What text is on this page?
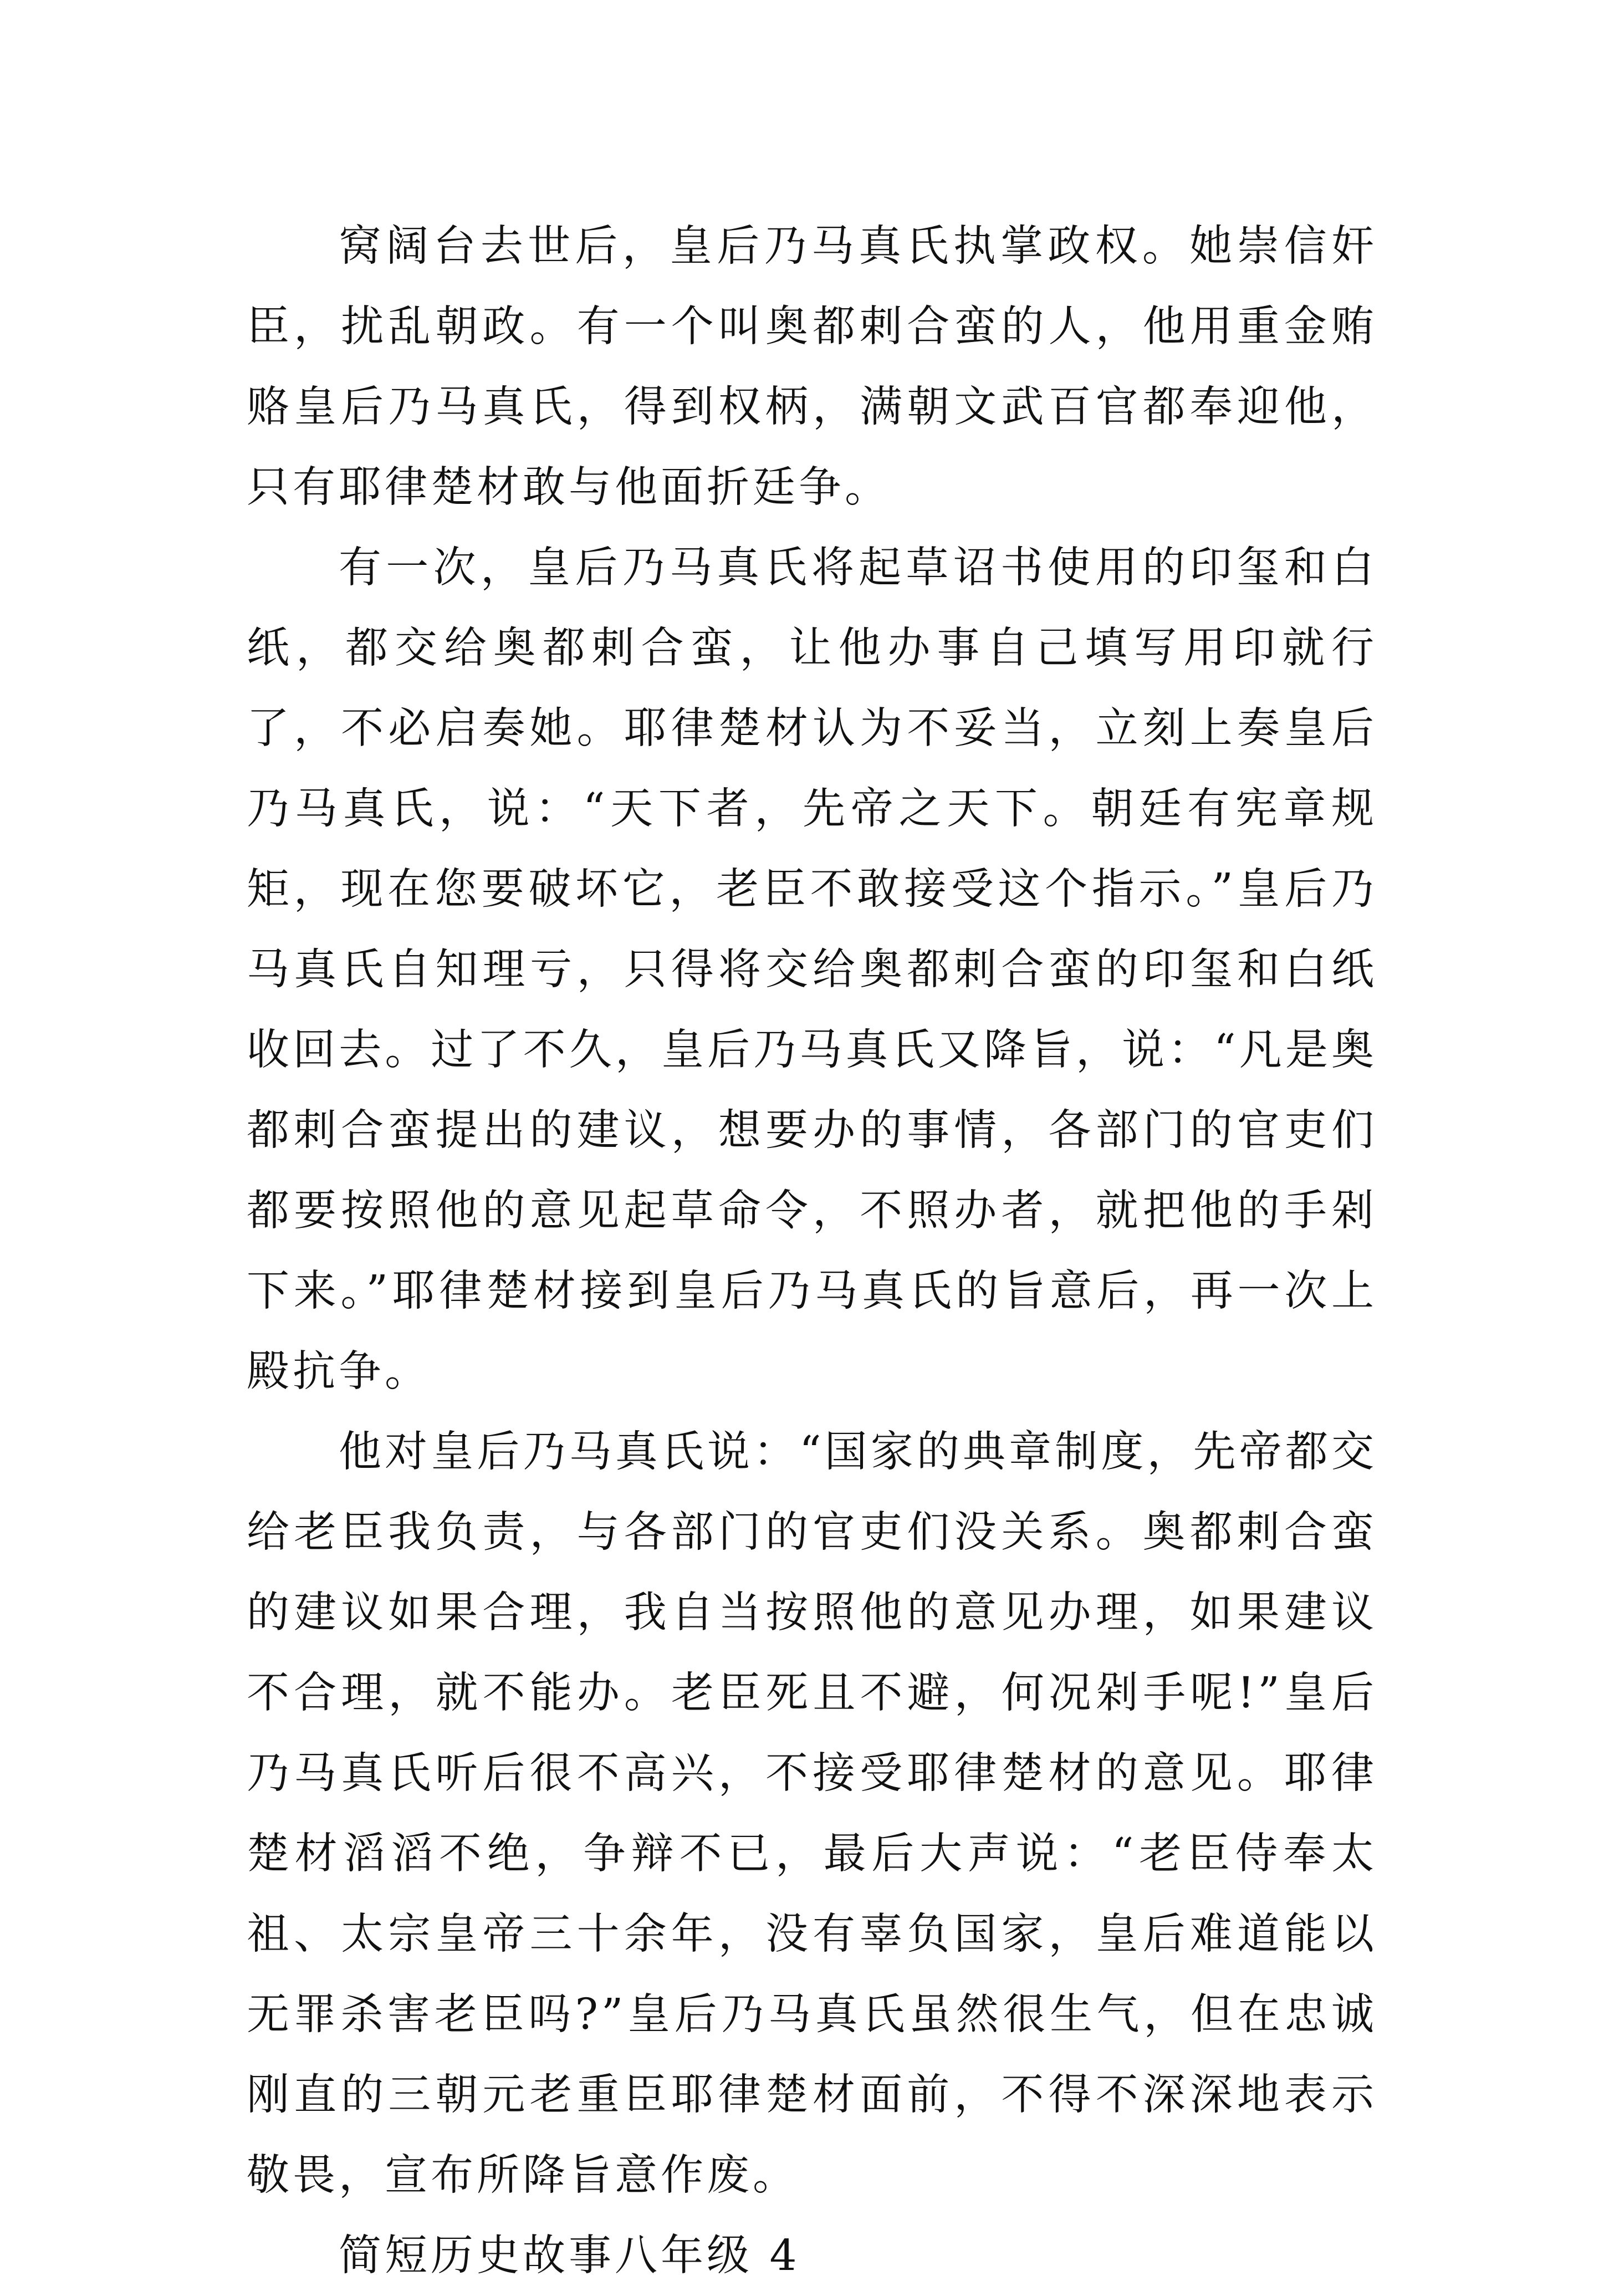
窝阔台去世后，皇后乃马真氏执掌政权。她崇信奸臣，扰乱朝政。有一个叫奥都剌合蛮的人，他用重金贿赂皇后乃马真氏，得到权柄，满朝文武百官都奉迎他，只有耶律楚材敢与他面折廷争。

有一次，皇后乃马真氏将起草诏书使用的印玺和白纸，都交给奥都剌合蛮，让他办事自己填写用印就行了，不必启奏她。耶律楚材认为不妥当，立刻上奏皇后乃马真氏，说：“天下者，先帝之天下。朝廷有宪章规矩，现在您要破坏它，老臣不敢接受这个指示。”皇后乃马真氏自知理亏，只得将交给奥都剌合蛮的印玺和白纸收回去。过了不久，皇后乃马真氏又降旨，说：“凡是奥都剌合蛮提出的建议，想要办的事情，各部门的官吏们都要按照他的意见起草命令，不照办者，就把他的手剁下来。”耶律楚材接到皇后乃马真氏的旨意后，再一次上殿抗争。

他对皇后乃马真氏说：“国家的典章制度，先帝都交给老臣我负责，与各部门的官吏们没关系。奥都剌合蛮的建议如果合理，我自当按照他的意见办理，如果建议不合理，就不能办。老臣死且不避，何况剁手呢!”皇后乃马真氏听后很不高兴，不接受耶律楚材的意见。耶律楚材滔滔不绝，争辩不已，最后大声说：“老臣侍奉太祖、太宗皇帝三十余年，没有辜负国家，皇后难道能以无罪杀害老臣吗?”皇后乃马真氏虽然很生气，但在忠诚刚直的三朝元老重臣耶律楚材面前，不得不深深地表示敬畏，宣布所降旨意作废。

简短历史故事八年级 4
